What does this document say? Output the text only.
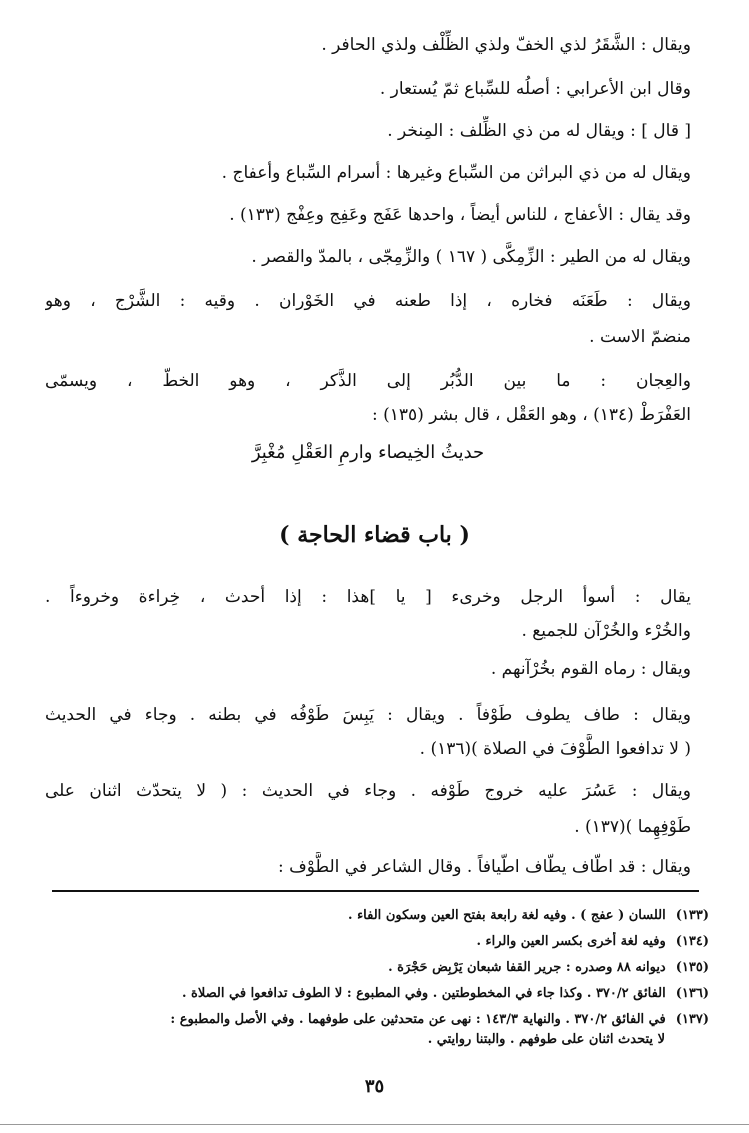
ويقال : الشَّقَرُ لذي الخفّ ولذي الظِّلْف ولذي الحافر .
وقال ابن الأعرابي : أصلُه للسِّباع ثمّ يُستعار .
[ قال ] : ويقال له من ذي الظِّلف : المِنخر .
ويقال له من ذي البراثن من السِّباع وغيرها : أسرام السِّباع وأعفاج .
وقد يقال : الأعفاج ، للناس أيضاً ، واحدها عَفَج وعَفِج وعِفْج (١٣٣) .
ويقال له من الطير : الزِّمِكَّى ( ١٦٧ ) والزِّمِجّى ، بالمدّ والقصر .
ويقال : طَعَنَه فخاره ، إذا طعنه في الخَوْران . وقيه : الشَّرْج ، وهو
منضمّ الاست .
والعِجان : ما بين الدُّبُر إلى الذَّكر ، وهو الخطّ ، ويسمّى
العَفْرَطْ (١٣٤) ، وهو العَقْل ، قال بشر (١٣٥) :
حديثُ الخِيصاء وارمِ العَقْلِ مُغْبِرَّ
( باب قضاء الحاجة )
يقال : أسوأ الرجل وخرىء [ يا ]هذا : إذا أحدث ، خِراءة وخروءاً .
والخُرْء والخُرْآن للجميع .
ويقال : رماه القوم بخُرْآنهم .
ويقال : طاف يطوف طَوْفاً . ويقال : يَبِسَ طَوْفُه في بطنه . وجاء في الحديث
( لا تدافعوا الطَّوْفَ في الصلاة )(١٣٦) .
ويقال : عَسُرَ عليه خروج طَوْفه . وجاء في الحديث : ( لا يتحدّث اثنان على
طَوْفِهِما )(١٣٧) .
ويقال : قد اطّاف يطّاف اطّيافاً . وقال الشاعر في الطَّوْف :
(١٣٣)اللسان ( عفج ) . وفيه لغة رابعة بفتح العين وسكون الفاء .
(١٣٤)وفيه لغة أخرى بكسر العين والراء .
(١٣٥)ديوانه ٨٨ وصدره : جرير القفا شبعان يَرْبِض حَجْرَة .
(١٣٦)الفائق ٣٧٠/٢ . وكذا جاء في المخطوطتين . وفي المطبوع : لا الطوف تدافعوا في الصلاة .
(١٣٧)في الفائق ٣٧٠/٢ . والنهاية ١٤٣/٣ : نهى عن متحدثين على طوفهما . وفي الأصل والمطبوع :
لا يتحدث اثنان على طوفهم . والبتنا روايتي .
٣٥
